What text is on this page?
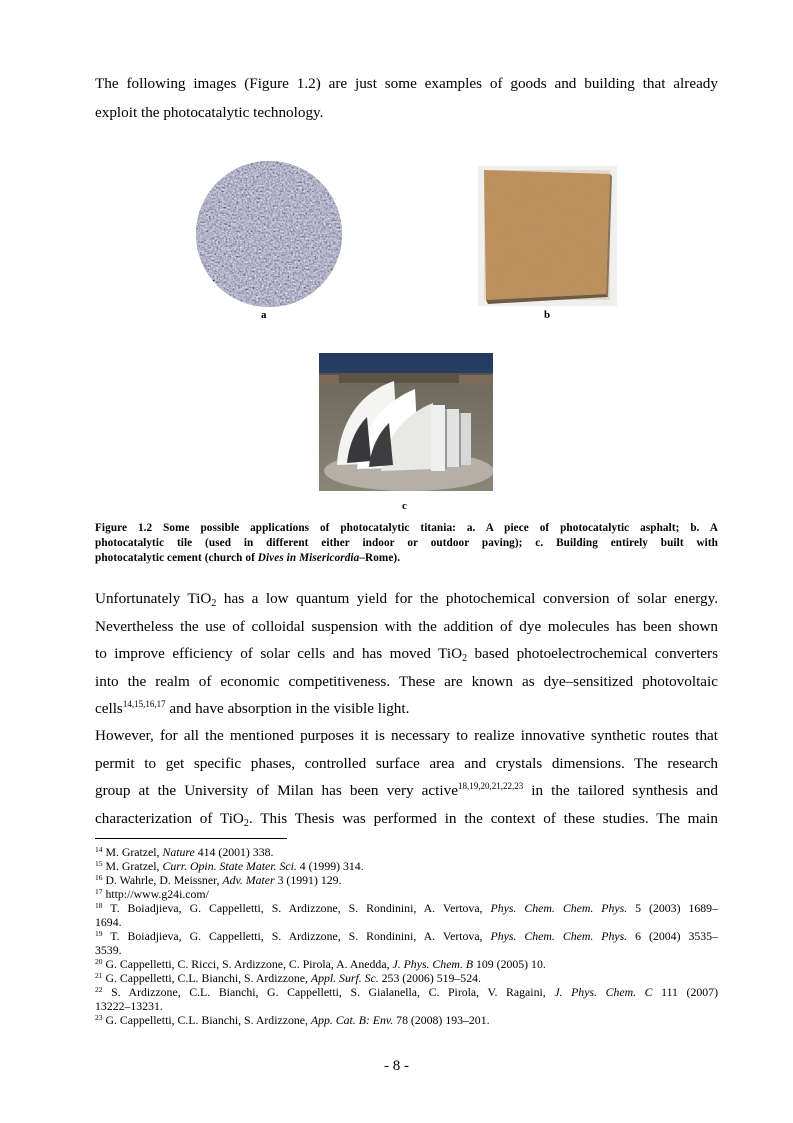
The following images (Figure 1.2) are just some examples of goods and building that already
exploit the photocatalytic technology.
a	b
c
Figure 1.2 Some possible applications of photocatalytic titania: a. A piece of photocatalytic asphalt; b. A
photocatalytic tile (used in different either indoor or outdoor paving); c. Building entirely built with
photocatalytic cement (church of Dives in Misericordia–Rome).
Unfortunately TiO$_2$ has a low quantum yield for the photochemical conversion of solar energy.
Nevertheless the use of colloidal suspension with the addition of dye molecules has been shown
to improve efficiency of solar cells and has moved TiO$_2$ based photoelectrochemical converters
into the realm of economic competitiveness. These are known as dye–sensitized photovoltaic
cells$^{14,15,16,17}$ and have absorption in the visible light.
However, for all the mentioned purposes it is necessary to realize innovative synthetic routes that
permit to get specific phases, controlled surface area and crystals dimensions. The research
group at the University of Milan has been very active$^{18,19,20,21,22,23}$ in the tailored synthesis and
characterization of TiO$_2$. This Thesis was performed in the context of these studies. The main
$^{14}$ M. Gratzel, Nature 414 (2001) 338.
$^{15}$ M. Gratzel, Curr. Opin. State Mater. Sci. 4 (1999) 314.
$^{16}$ D. Wahrle, D. Meissner, Adv. Mater 3 (1991) 129.
$^{17}$ http://www.g24i.com/
$^{18}$ T. Boiadjieva, G. Cappelletti, S. Ardizzone, S. Rondinini, A. Vertova, Phys. Chem. Chem. Phys. 5 (2003) 1689–
1694.
$^{19}$ T. Boiadjieva, G. Cappelletti, S. Ardizzone, S. Rondinini, A. Vertova, Phys. Chem. Chem. Phys. 6 (2004) 3535–
3539.
$^{20}$ G. Cappelletti, C. Ricci, S. Ardizzone, C. Pirola, A. Anedda, J. Phys. Chem. B 109 (2005) 10.
$^{21}$ G. Cappelletti, C.L. Bianchi, S. Ardizzone, Appl. Surf. Sc. 253 (2006) 519–524.
$^{22}$ S. Ardizzone, C.L. Bianchi, G. Cappelletti, S. Gialanella, C. Pirola, V. Ragaini, J. Phys. Chem. C 111 (2007)
13222–13231.
$^{23}$ G. Cappelletti, C.L. Bianchi, S. Ardizzone, App. Cat. B: Env. 78 (2008) 193–201.
- 8 -
